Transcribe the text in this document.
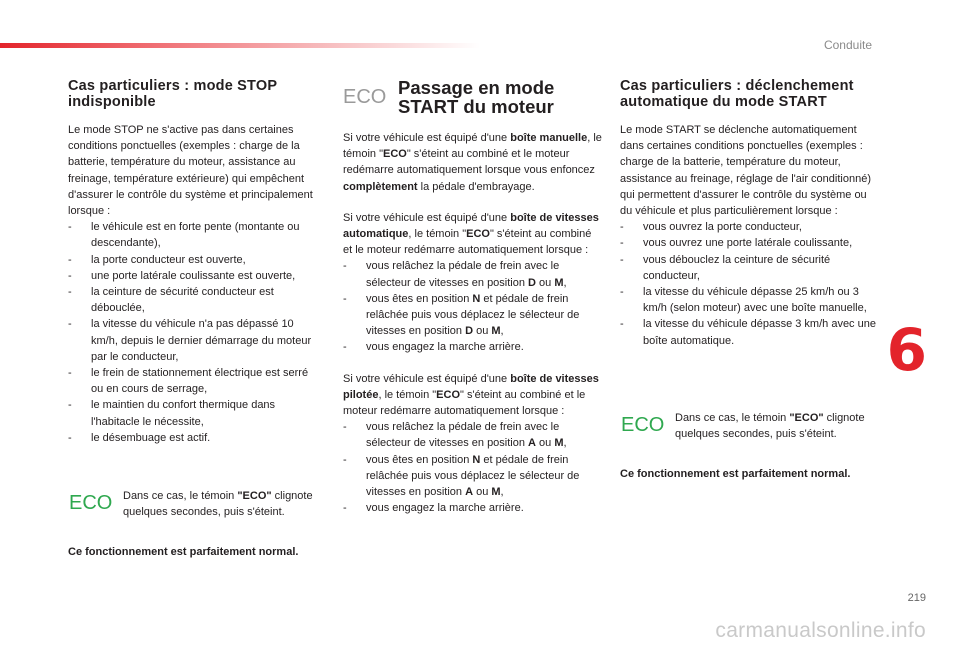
Conduite
Cas particuliers : mode STOP indisponible

Le mode STOP ne s'active pas dans certaines conditions ponctuelles (exemples : charge de la batterie, température du moteur, assistance au freinage, température extérieure) qui empêchent d'assurer le contrôle du système et principalement lorsque :

- le véhicule est en forte pente (montante ou descendante),
- la porte conducteur est ouverte,
- une porte latérale coulissante est ouverte,
- la ceinture de sécurité conducteur est débouclée,
- la vitesse du véhicule n'a pas dépassé 10 km/h, depuis le dernier démarrage du moteur par le conducteur,
- le frein de stationnement électrique est serré ou en cours de serrage,
- le maintien du confort thermique dans l'habitacle le nécessite,
- le désembuage est actif.
ECO Dans ce cas, le témoin "ECO" clignote quelques secondes, puis s'éteint.

Ce fonctionnement est parfaitement normal.

ECO Passage en mode START du moteur

Si votre véhicule est équipé d'une boîte manuelle, le témoin "ECO" s'éteint au combiné et le moteur redémarre automatiquement lorsque vous enfoncez complètement la pédale d'embrayage.

Si votre véhicule est équipé d'une boîte de vitesses automatique, le témoin "ECO" s'éteint au combiné et le moteur redémarre automatiquement lorsque :

- vous relâchez la pédale de frein avec le sélecteur de vitesses en position D ou M,
- vous êtes en position N et pédale de frein relâchée puis vous déplacez le sélecteur de vitesses en position D ou M,
- vous engagez la marche arrière.

Si votre véhicule est équipé d'une boîte de vitesses pilotée, le témoin "ECO" s'éteint au combiné et le moteur redémarre automatiquement lorsque :

- vous relâchez la pédale de frein avec le sélecteur de vitesses en position A ou M,
- vous êtes en position N et pédale de frein relâchée puis vous déplacez le sélecteur de vitesses en position A ou M,
- vous engagez la marche arrière.
Cas particuliers : déclenchement automatique du mode START

Le mode START se déclenche automatiquement dans certaines conditions ponctuelles (exemples : charge de la batterie, température du moteur, assistance au freinage, réglage de l'air conditionné) qui permettent d'assurer le contrôle du système ou du véhicule et plus particulièrement lorsque :

- vous ouvrez la porte conducteur,
- vous ouvrez une porte latérale coulissante,
- vous débouclez la ceinture de sécurité conducteur,
- la vitesse du véhicule dépasse 25 km/h ou 3 km/h (selon moteur) avec une boîte manuelle,
- la vitesse du véhicule dépasse 3 km/h avec une boîte automatique.
ECO Dans ce cas, le témoin "ECO" clignote quelques secondes, puis s'éteint.

Ce fonctionnement est parfaitement normal.

6
219
carmanualsonline.info
